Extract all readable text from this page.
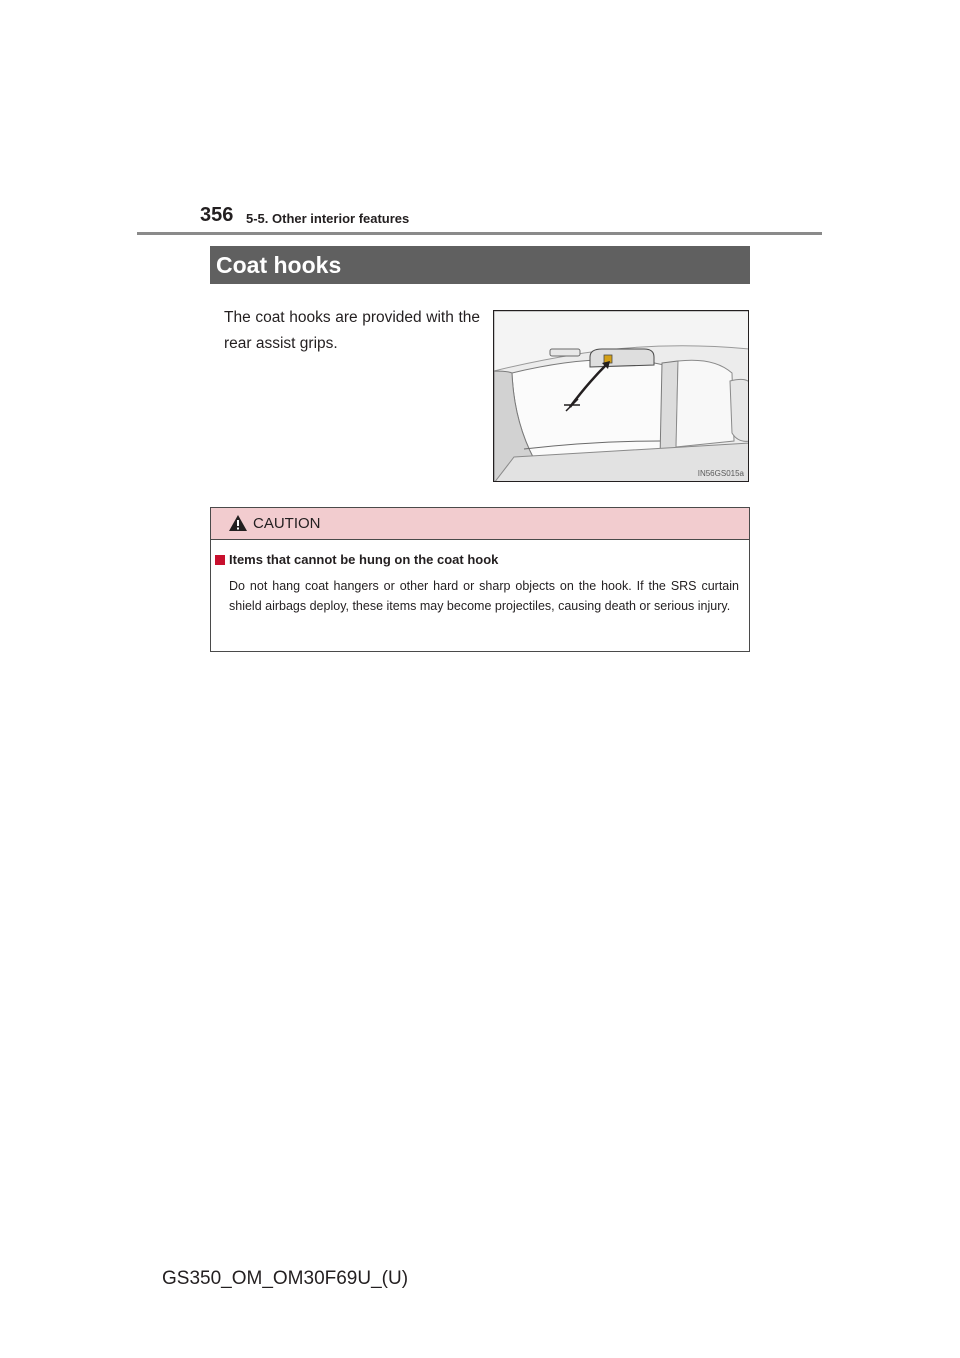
356 5-5. Other interior features
Coat hooks
The coat hooks are provided with the rear assist grips.
IN56GS015a
CAUTION
Items that cannot be hung on the coat hook
Do not hang coat hangers or other hard or sharp objects on the hook. If the SRS curtain shield airbags deploy, these items may become projectiles, causing death or serious injury.
GS350_OM_OM30F69U_(U)
